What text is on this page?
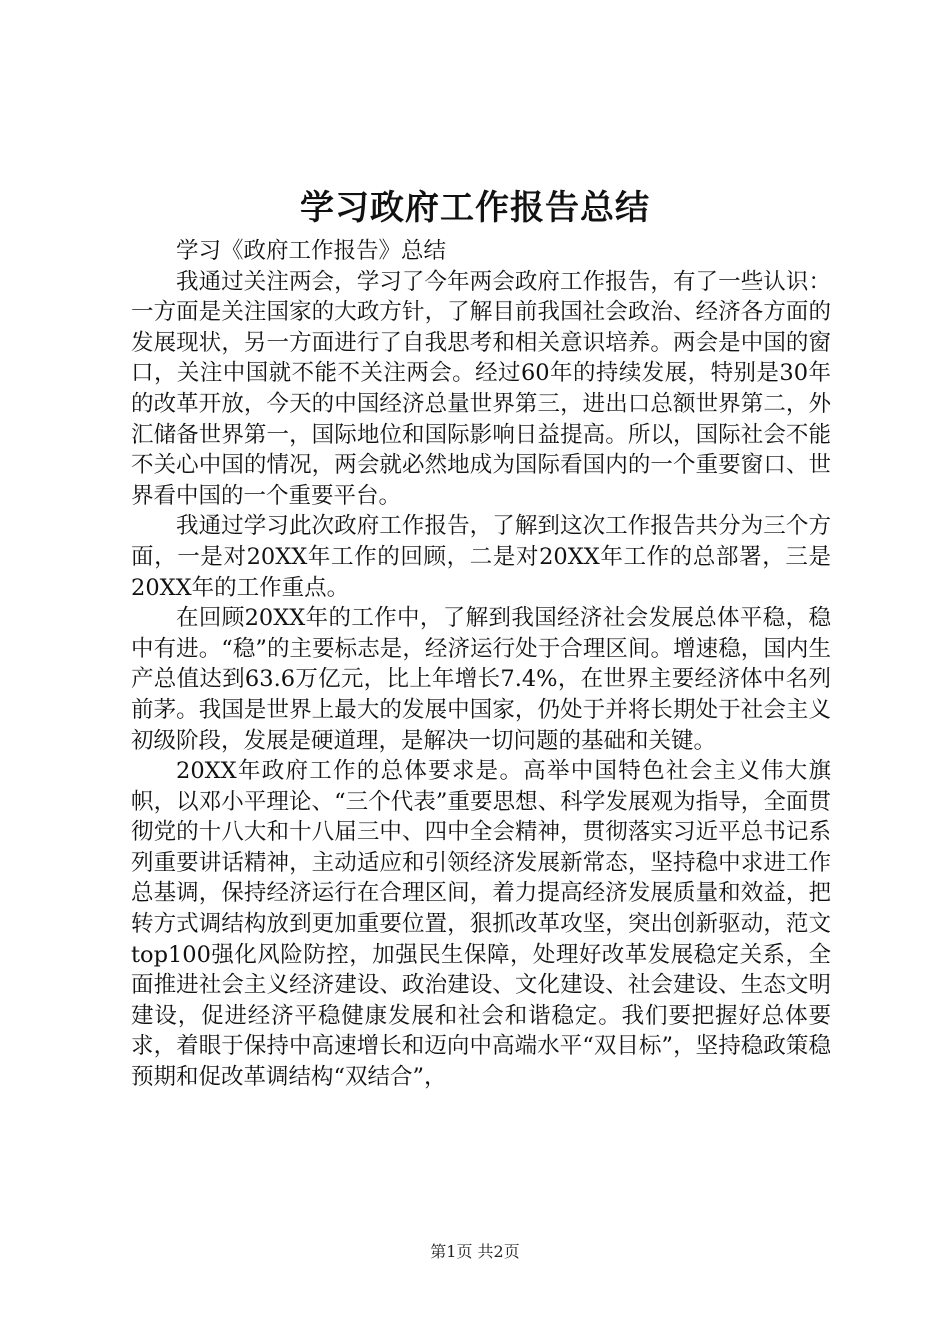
学习政府工作报告总结

学习《政府工作报告》总结

我通过关注两会，学习了今年两会政府工作报告，有了一些认识：一方面是关注国家的大政方针，了解目前我国社会政治、经济各方面的发展现状，另一方面进行了自我思考和相关意识培养。两会是中国的窗口，关注中国就不能不关注两会。经过60年的持续发展，特别是30年的改革开放，今天的中国经济总量世界第三，进出口总额世界第二，外汇储备世界第一，国际地位和国际影响日益提高。所以，国际社会不能不关心中国的情况，两会就必然地成为国际看国内的一个重要窗口、世界看中国的一个重要平台。

我通过学习此次政府工作报告，了解到这次工作报告共分为三个方面，一是对20XX年工作的回顾，二是对20XX年工作的总部署，三是20XX年的工作重点。

在回顾20XX年的工作中，了解到我国经济社会发展总体平稳，稳中有进。“稳”的主要标志是，经济运行处于合理区间。增速稳，国内生产总值达到63.6万亿元，比上年增长7.4%，在世界主要经济体中名列前茅。我国是世界上最大的发展中国家，仍处于并将长期处于社会主义初级阶段，发展是硬道理，是解决一切问题的基础和关键。

20XX年政府工作的总体要求是。高举中国特色社会主义伟大旗帜，以邓小平理论、“三个代表”重要思想、科学发展观为指导，全面贯彻党的十八大和十八届三中、四中全会精神，贯彻落实习近平总书记系列重要讲话精神，主动适应和引领经济发展新常态，坚持稳中求进工作总基调，保持经济运行在合理区间，着力提高经济发展质量和效益，把转方式调结构放到更加重要位置，狠抓改革攻坚，突出创新驱动，范文top100强化风险防控，加强民生保障，处理好改革发展稳定关系，全面推进社会主义经济建设、政治建设、文化建设、社会建设、生态文明建设，促进经济平稳健康发展和社会和谐稳定。我们要把握好总体要求，着眼于保持中高速增长和迈向中高端水平“双目标”，坚持稳政策稳预期和促改革调结构“双结合”，

第1页 共2页
